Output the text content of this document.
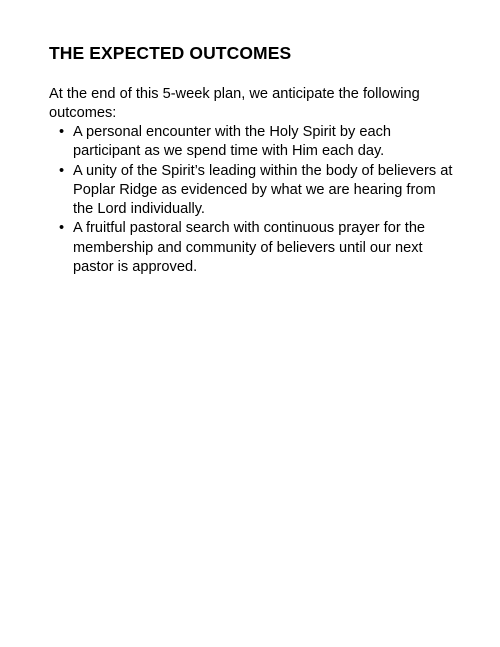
THE EXPECTED OUTCOMES

At the end of this 5-week plan, we anticipate the following outcomes:

• A personal encounter with the Holy Spirit by each participant as we spend time with Him each day.
• A unity of the Spirit’s leading within the body of believers at Poplar Ridge as evidenced by what we are hearing from the Lord individually.
• A fruitful pastoral search with continuous prayer for the membership and community of believers until our next pastor is approved.
